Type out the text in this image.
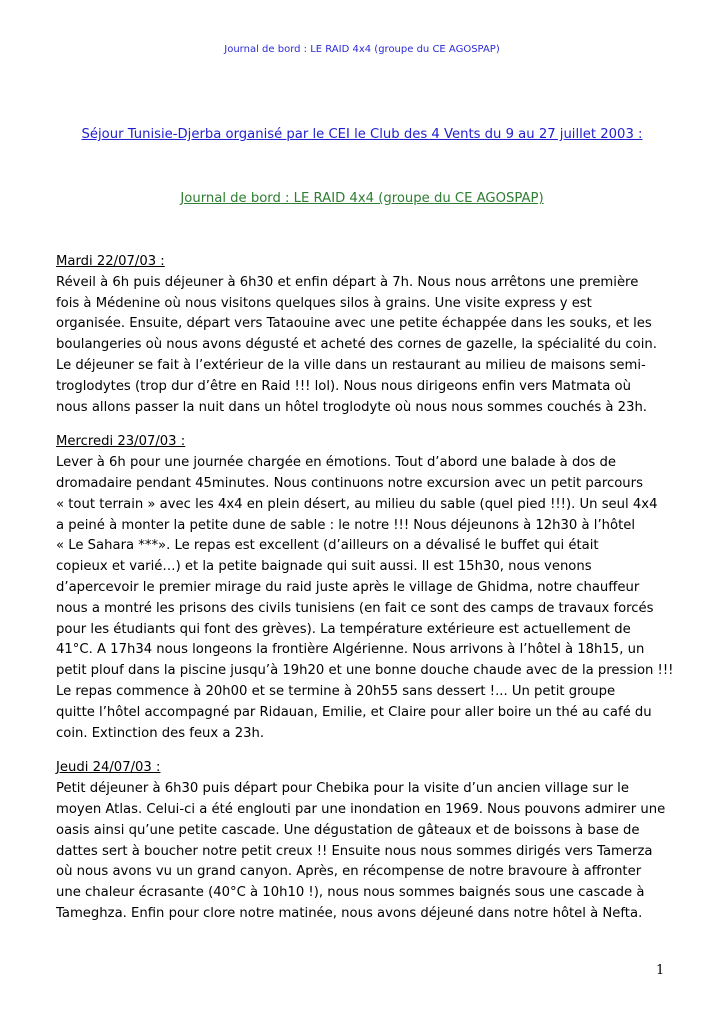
Journal de bord : LE RAID 4x4 (groupe du CE AGOSPAP)
Séjour Tunisie-Djerba organisé par le CEI le Club des 4 Vents du 9 au 27 juillet 2003 :
Journal de bord : LE RAID 4x4 (groupe du CE AGOSPAP)
Mardi 22/07/03 :
Réveil à 6h puis déjeuner à 6h30 et enfin départ à 7h. Nous nous arrêtons une première
fois à Médenine où nous visitons quelques silos à grains. Une visite express y est
organisée. Ensuite, départ vers Tataouine avec une petite échappée dans les souks, et les
boulangeries où nous avons dégusté et acheté des cornes de gazelle, la spécialité du coin.
Le déjeuner se fait à l’extérieur de la ville dans un restaurant au milieu de maisons semi-
troglodytes (trop dur d’être en Raid !!! lol). Nous nous dirigeons enfin vers Matmata où
nous allons passer la nuit dans un hôtel troglodyte où nous nous sommes couchés à 23h.
Mercredi 23/07/03 :
Lever à 6h pour une journée chargée en émotions. Tout d’abord une balade à dos de
dromadaire pendant 45minutes. Nous continuons notre excursion avec un petit parcours
« tout terrain » avec les 4x4 en plein désert, au milieu du sable (quel pied !!!). Un seul 4x4
a peiné à monter la petite dune de sable : le notre !!! Nous déjeunons à 12h30 à l’hôtel
« Le Sahara ***». Le repas est excellent (d’ailleurs on a dévalisé le buffet qui était
copieux et varié…) et la petite baignade qui suit aussi. Il est 15h30, nous venons
d’apercevoir le premier mirage du raid juste après le village de Ghidma, notre chauffeur
nous a montré les prisons des civils tunisiens (en fait ce sont des camps de travaux forcés
pour les étudiants qui font des grèves). La température extérieure est actuellement de
41°C. A 17h34 nous longeons la frontière Algérienne. Nous arrivons à l’hôtel à 18h15, un
petit plouf dans la piscine jusqu’à 19h20 et une bonne douche chaude avec de la pression !!!
Le repas commence à 20h00 et se termine à 20h55 sans dessert !... Un petit groupe
quitte l’hôtel accompagné par Ridauan, Emilie, et Claire pour aller boire un thé au café du
coin. Extinction des feux a 23h.
Jeudi 24/07/03 :
Petit déjeuner à 6h30 puis départ pour Chebika pour la visite d’un ancien village sur le
moyen Atlas. Celui-ci a été englouti par une inondation en 1969. Nous pouvons admirer une
oasis ainsi qu’une petite cascade. Une dégustation de gâteaux et de boissons à base de
dattes sert à boucher notre petit creux !! Ensuite nous nous sommes dirigés vers Tamerza
où nous avons vu un grand canyon. Après, en récompense de notre bravoure à affronter
une chaleur écrasante (40°C à 10h10 !), nous nous sommes baignés sous une cascade à
Tameghza. Enfin pour clore notre matinée, nous avons déjeuné dans notre hôtel à Nefta.
1
